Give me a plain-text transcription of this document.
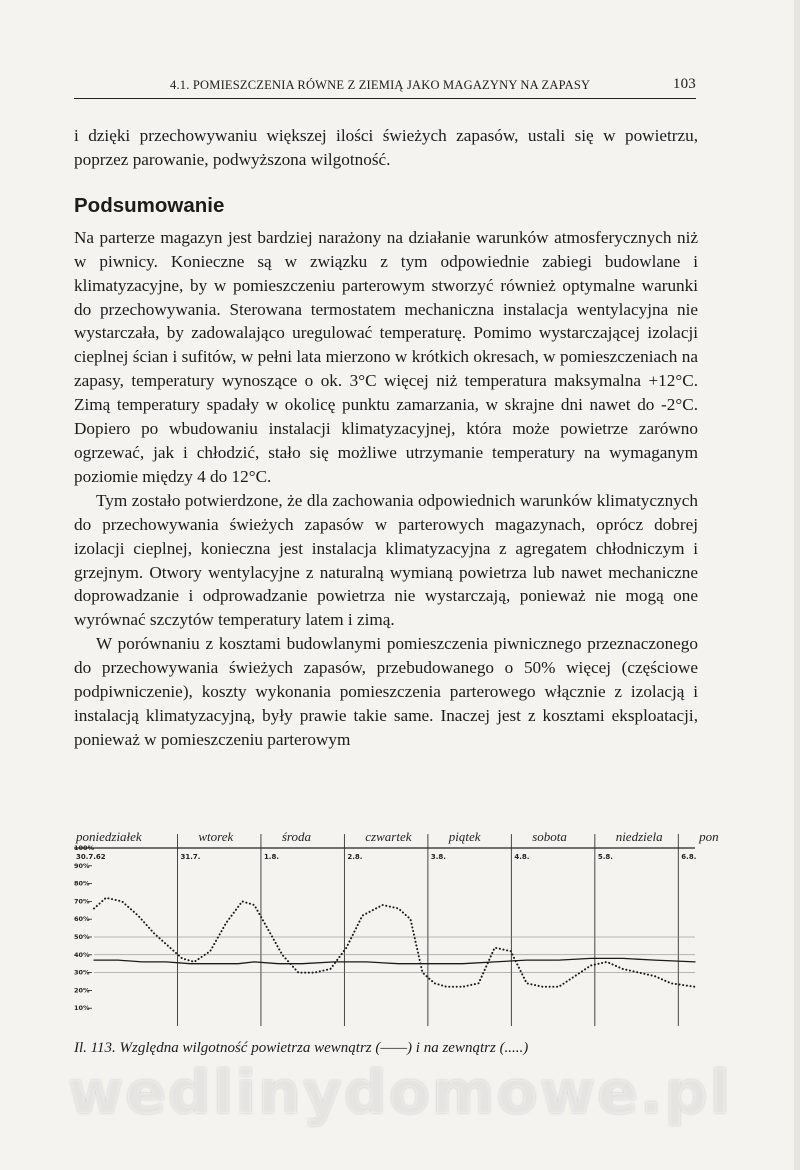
4.1. POMIESZCZENIA RÓWNE Z ZIEMIĄ JAKO MAGAZYNY NA ZAPASY	103

i dzięki przechowywaniu większej ilości świeżych zapasów, ustali się w powietrzu, poprzez parowanie, podwyższona wilgotność.

Podsumowanie

Na parterze magazyn jest bardziej narażony na działanie warunków atmosferycznych niż w piwnicy. Konieczne są w związku z tym odpowiednie zabiegi budowlane i klimatyzacyjne, by w pomieszczeniu parterowym stworzyć również optymalne warunki do przechowywania. Sterowana termostatem mechaniczna instalacja wentylacyjna nie wystarczała, by zadowalająco uregulować temperaturę. Pomimo wystarczającej izolacji cieplnej ścian i sufitów, w pełni lata mierzono w krótkich okresach, w pomieszczeniach na zapasy, temperatury wynoszące o ok. 3°C więcej niż temperatura maksymalna +12°C. Zimą temperatury spadały w okolicę punktu zamarzania, w skrajne dni nawet do -2°C. Dopiero po wbudowaniu instalacji klimatyzacyjnej, która może powietrze zarówno ogrzewać, jak i chłodzić, stało się możliwe utrzymanie temperatury na wymaganym poziomie między 4 do 12°C.

Tym zostało potwierdzone, że dla zachowania odpowiednich warunków klimatycznych do przechowywania świeżych zapasów w parterowych magazynach, oprócz dobrej izolacji cieplnej, konieczna jest instalacja klimatyzacyjna z agregatem chłodniczym i grzejnym. Otwory wentylacyjne z naturalną wymianą powietrza lub nawet mechaniczne doprowadzanie i odprowadzanie powietrza nie wystarczają, ponieważ nie mogą one wyrównać szczytów temperatury latem i zimą.

W porównaniu z kosztami budowlanymi pomieszczenia piwnicznego przeznaczonego do przechowywania świeżych zapasów, przebudowanego o 50% więcej (częściowe podpiwniczenie), koszty wykonania pomieszczenia parterowego włącznie z izolacją i instalacją klimatyzacyjną, były prawie takie same. Inaczej jest z kosztami eksploatacji, ponieważ w pomieszczeniu parterowym

poniedziałek	wtorek	środa	czwartek	piątek	sobota	niedziela	pon
30.7.62	31.7.	1.8.	2.8.	3.8.	4.8.	5.8.	6.8.
100%
90%
80%
70%
60%
50%
40%
30%
20%
10%
Il. 113. Względna wilgotność powietrza wewnątrz (——) i na zewnątrz (.....)
wedlinydomowe.pl
